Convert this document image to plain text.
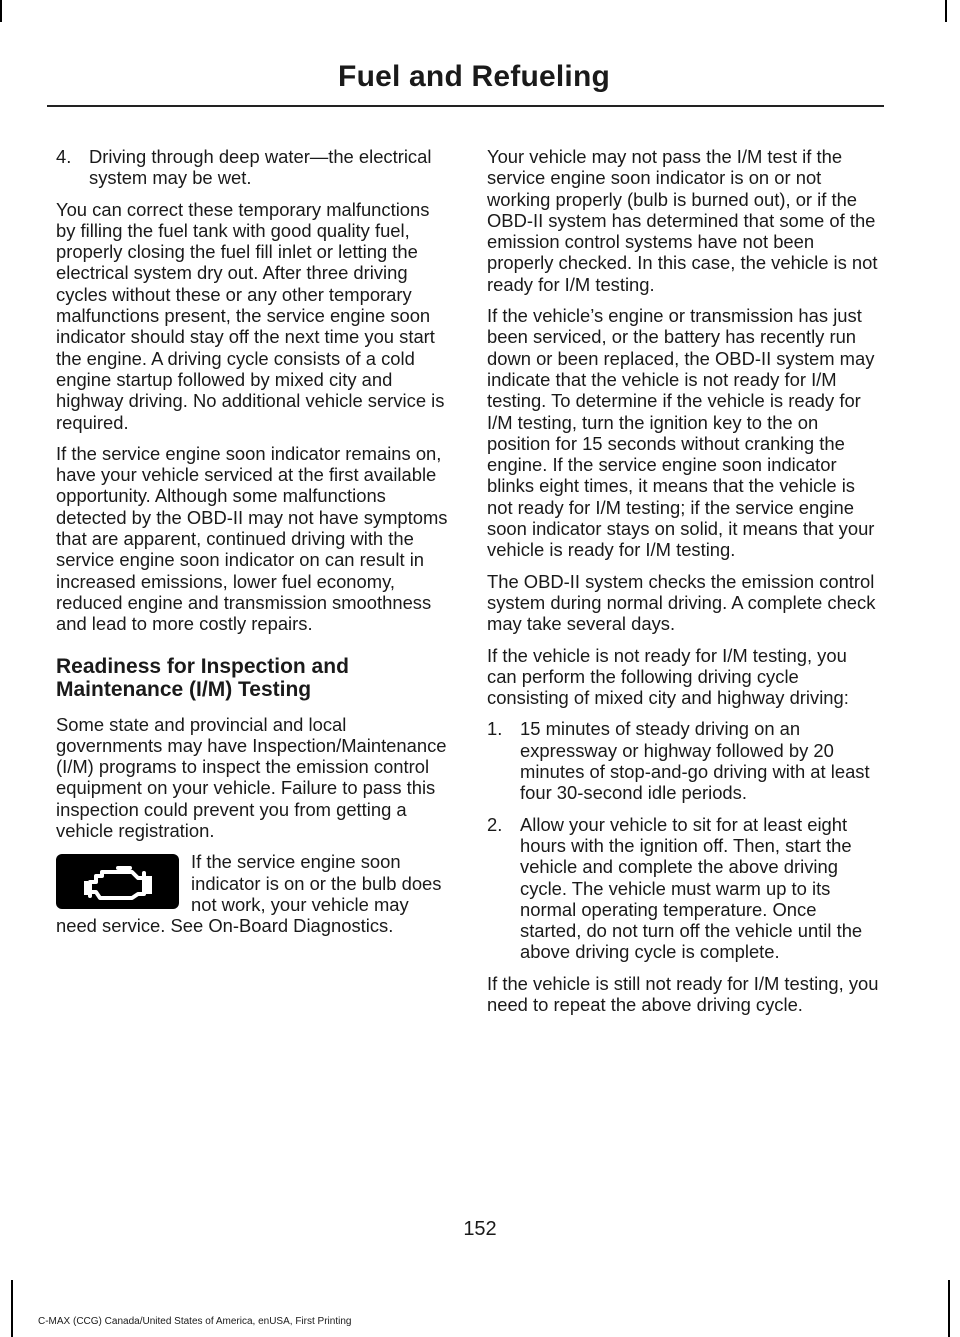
Fuel and Refueling
4. Driving through deep water—the electrical system may be wet.

You can correct these temporary malfunctions by filling the fuel tank with good quality fuel, properly closing the fuel fill inlet or letting the electrical system dry out. After three driving cycles without these or any other temporary malfunctions present, the service engine soon indicator should stay off the next time you start the engine. A driving cycle consists of a cold engine startup followed by mixed city and highway driving. No additional vehicle service is required.

If the service engine soon indicator remains on, have your vehicle serviced at the first available opportunity. Although some malfunctions detected by the OBD-II may not have symptoms that are apparent, continued driving with the service engine soon indicator on can result in increased emissions, lower fuel economy, reduced engine and transmission smoothness and lead to more costly repairs.

Readiness for Inspection and Maintenance (I/M) Testing

Some state and provincial and local governments may have Inspection/Maintenance (I/M) programs to inspect the emission control equipment on your vehicle. Failure to pass this inspection could prevent you from getting a vehicle registration.

If the service engine soon indicator is on or the bulb does not work, your vehicle may need service. See On-Board Diagnostics.

Your vehicle may not pass the I/M test if the service engine soon indicator is on or not working properly (bulb is burned out), or if the OBD-II system has determined that some of the emission control systems have not been properly checked. In this case, the vehicle is not ready for I/M testing.

If the vehicle’s engine or transmission has just been serviced, or the battery has recently run down or been replaced, the OBD-II system may indicate that the vehicle is not ready for I/M testing. To determine if the vehicle is ready for I/M testing, turn the ignition key to the on position for 15 seconds without cranking the engine. If the service engine soon indicator blinks eight times, it means that the vehicle is not ready for I/M testing; if the service engine soon indicator stays on solid, it means that your vehicle is ready for I/M testing.

The OBD-II system checks the emission control system during normal driving. A complete check may take several days.

If the vehicle is not ready for I/M testing, you can perform the following driving cycle consisting of mixed city and highway driving:

1. 15 minutes of steady driving on an expressway or highway followed by 20 minutes of stop-and-go driving with at least four 30-second idle periods.
2. Allow your vehicle to sit for at least eight hours with the ignition off. Then, start the vehicle and complete the above driving cycle. The vehicle must warm up to its normal operating temperature. Once started, do not turn off the vehicle until the above driving cycle is complete.

If the vehicle is still not ready for I/M testing, you need to repeat the above driving cycle.

152
C-MAX (CCG) Canada/United States of America, enUSA, First Printing
